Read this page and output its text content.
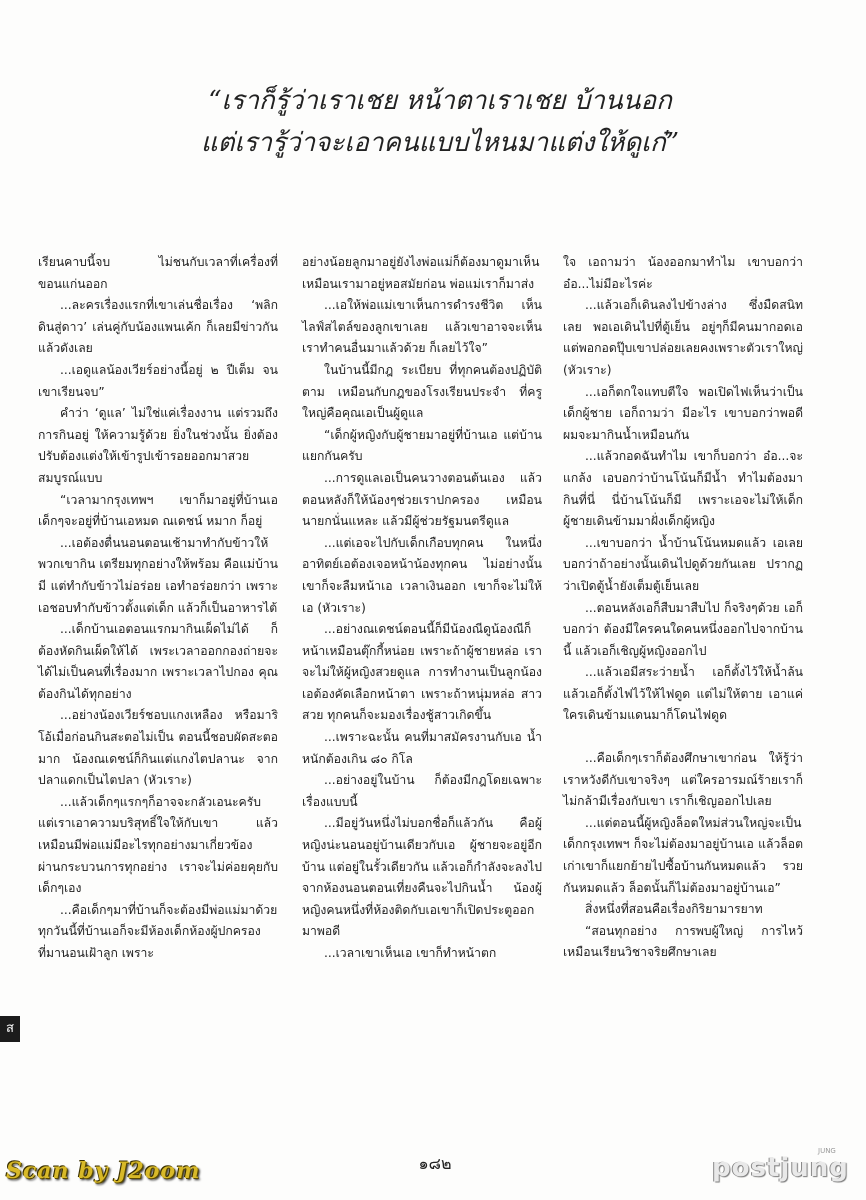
“เราก็รู้ว่าเราเชย หน้าตาเราเชย บ้านนอก
แต่เรารู้ว่าจะเอาคนแบบไหนมาแต่งให้ดูเก๋”

เรียนคาบนี้จบ ไม่ชนกับเวลาที่เครื่องที่ขอนแก่นออก

...ละครเรื่องแรกที่เขาเล่นชื่อเรื่อง ‘พลิกดินสู่ดาว’ เล่นคู่กับน้องแพนเค้ก ก็เลยมีข่าวกัน แล้วดังเลย

...เอดูแลน้องเวียร์อย่างนี้อยู่ ๒ ปีเต็ม จนเขาเรียนจบ”

คำว่า ‘ดูแล’ ไม่ใช่แค่เรื่องงาน แต่รวมถึงการกินอยู่ ให้ความรู้ด้วย ยิ่งในช่วงนั้น ยิ่งต้องปรับต้องแต่งให้เข้ารูปเข้ารอยออกมาสวยสมบูรณ์แบบ

“เวลามากรุงเทพฯ เขาก็มาอยู่ที่บ้านเอ เด็กๆจะอยู่ที่บ้านเอหมด ณเดชน์ หมาก ก็อยู่

...เอต้องตื่นนอนตอนเช้ามาทำกับข้าวให้พวกเขากิน เตรียมทุกอย่างให้พร้อม คือแม่บ้านมี แต่ทำกับข้าวไม่อร่อย เอทำอร่อยกว่า เพราะเอชอบทำกับข้าวตั้งแต่เด็ก แล้วก็เป็นอาหารไต้

...เด็กบ้านเอตอนแรกมากินเผ็ดไม่ได้ ก็ต้องหัดกินเผ็ดให้ได้ เพระเวลาออกกองถ่ายจะได้ไม่เป็นคนที่เรื่องมาก เพราะเวลาไปกอง คุณต้องกินได้ทุกอย่าง

...อย่างน้องเวียร์ชอบแกงเหลือง หรือมาริโอ้เมื่อก่อนกินสะตอไม่เป็น ตอนนี้ชอบผัดสะตอมาก น้องณเดชน์ก็กินแต่แกงไตปลานะ จากปลาแดกเป็นไตปลา (หัวเราะ)

...แล้วเด็กๆแรกๆก็อาจจะกลัวเอนะครับ แต่เราเอาความบริสุทธิ์ใจให้กับเขา แล้วเหมือนมีพ่อแม่มีอะไรทุกอย่างมาเกี่ยวข้อง ผ่านกระบวนการทุกอย่าง เราจะไม่ค่อยคุยกับเด็กๆเอง

...คือเด็กๆมาที่บ้านก็จะต้องมีพ่อแม่มาด้วย ทุกวันนี้ที่บ้านเอก็จะมีห้องเด็กห้องผู้ปกครองที่มานอนเฝ้าลูก เพราะ

อย่างน้อยลูกมาอยู่ยังไงพ่อแม่ก็ต้องมาดูมาเห็น เหมือนเรามาอยู่หอสมัยก่อน พ่อแม่เราก็มาส่ง

...เอให้พ่อแม่เขาเห็นการดำรงชีวิต เห็นไลฟ์สไตล์ของลูกเขาเลย แล้วเขาอาจจะเห็นเราทำคนอื่นมาแล้วด้วย ก็เลยไว้ใจ”

ในบ้านนี้มีกฎ ระเบียบ ที่ทุกคนต้องปฏิบัติตาม เหมือนกับกฎของโรงเรียนประจำ ที่ครูใหญ่คือคุณเอเป็นผู้ดูแล

“เด็กผู้หญิงกับผู้ชายมาอยู่ที่บ้านเอ แต่บ้านแยกกันครับ

...การดูแลเอเป็นคนวางตอนต้นเอง แล้วตอนหลังก็ให้น้องๆช่วยเราปกครอง เหมือนนายกนั่นแหละ แล้วมีผู้ช่วยรัฐมนตรีดูแล

...แต่เอจะไปกับเด็กเกือบทุกคน ในหนึ่งอาทิตย์เอต้องเจอหน้าน้องทุกคน ไม่อย่างนั้นเขาก็จะลืมหน้าเอ เวลาเงินออก เขาก็จะไม่ให้เอ (หัวเราะ)

...อย่างณเดชน์ตอนนี้ก็มีน้องณีดูน้องณีก็หน้าเหมือนตุ๊กกี้หน่อย เพราะถ้าผู้ชายหล่อ เราจะไม่ให้ผู้หญิงสวยดูแล การทำงานเป็นลูกน้องเอต้องคัดเลือกหน้าตา เพราะถ้าหนุ่มหล่อ สาวสวย ทุกคนก็จะมองเรื่องชู้สาวเกิดขึ้น

...เพราะฉะนั้น คนที่มาสมัครงานกับเอ น้ำหนักต้องเกิน ๘๐ กิโล

...อย่างอยู่ในบ้าน ก็ต้องมีกฎโดยเฉพาะเรื่องแบบนี้

...มีอยู่วันหนึ่งไม่บอกชื่อก็แล้วกัน คือผู้หญิงน่ะนอนอยู่บ้านเดียวกับเอ ผู้ชายจะอยู่อีกบ้าน แต่อยู่ในรั้วเดียวกัน แล้วเอก็กำลังจะลงไปจากห้องนอนตอนเที่ยงคืนจะไปกินน้ำ น้องผู้หญิงคนหนึ่งที่ห้องติดกับเอเขาก็เปิดประตูออกมาพอดี

...เวลาเขาเห็นเอ เขาก็ทำหน้าตก

ใจ เอถามว่า น้องออกมาทำไม เขาบอกว่า อ๋อ...ไม่มีอะไรค่ะ

...แล้วเอก็เดินลงไปข้างล่าง ซึ่งมืดสนิทเลย พอเอเดินไปที่ตู้เย็น อยู่ๆก็มีคนมากอดเอ แต่พอกอดปุ๊บเขาปล่อยเลยคงเพราะตัวเราใหญ่ (หัวเราะ)

...เอก็ตกใจแทบตีใจ พอเปิดไฟเห็นว่าเป็นเด็กผู้ชาย เอก็ถามว่า มีอะไร เขาบอกว่าพอดีผมจะมากินน้ำเหมือนกัน

...แล้วกอดฉันทำไม เขาก็บอกว่า อ๋อ...จะแกล้ง เอบอกว่าบ้านโน้นก็มีน้ำ ทำไมต้องมากินที่นี่ นี่บ้านโน้นก็มี เพราะเอจะไม่ให้เด็กผู้ชายเดินข้ามมาฝั่งเด็กผู้หญิง

...เขาบอกว่า น้ำบ้านโน้นหมดแล้ว เอเลยบอกว่าถ้าอย่างนั้นเดินไปดูด้วยกันเลย ปรากฏว่าเปิดตู้น้ำยังเต็มตู้เย็นเลย

...ตอนหลังเอก็สืบมาสืบไป ก็จริงๆด้วย เอก็บอกว่า ต้องมีใครคนใดคนหนึ่งออกไปจากบ้านนี้ แล้วเอก็เชิญผู้หญิงออกไป

...แล้วเอมีสระว่ายน้ำ เอก็ตั้งไว้ให้น้ำล้นแล้วเอก็ตั้งไฟไว้ให้ไฟดูด แต่ไม่ให้ตาย เอาแค่ใครเดินข้ามแดนมาก็โดนไฟดูด

...คือเด็กๆเราก็ต้องศึกษาเขาก่อน ให้รู้ว่าเราหวังดีกับเขาจริงๆ แต่ใครอารมณ์ร้ายเราก็ไม่กล้ามีเรื่องกับเขา เราก็เชิญออกไปเลย

...แต่ตอนนี้ผู้หญิงล็อตใหม่ส่วนใหญ่จะเป็นเด็กกรุงเทพฯ ก็จะไม่ต้องมาอยู่บ้านเอ แล้วล็อตเก่าเขาก็แยกย้ายไปซื้อบ้านกันหมดแล้ว รวยกันหมดแล้ว ล็อตนั้นก็ไม่ต้องมาอยู่บ้านเอ”

สิ่งหนึ่งที่สอนคือเรื่องกิริยามารยาท

“สอนทุกอย่าง การพบผู้ใหญ่ การไหว้ เหมือนเรียนวิชาจริยศึกษาเลย

ส
๑๘๒
Scan by J2oom	postjung
JUNG
